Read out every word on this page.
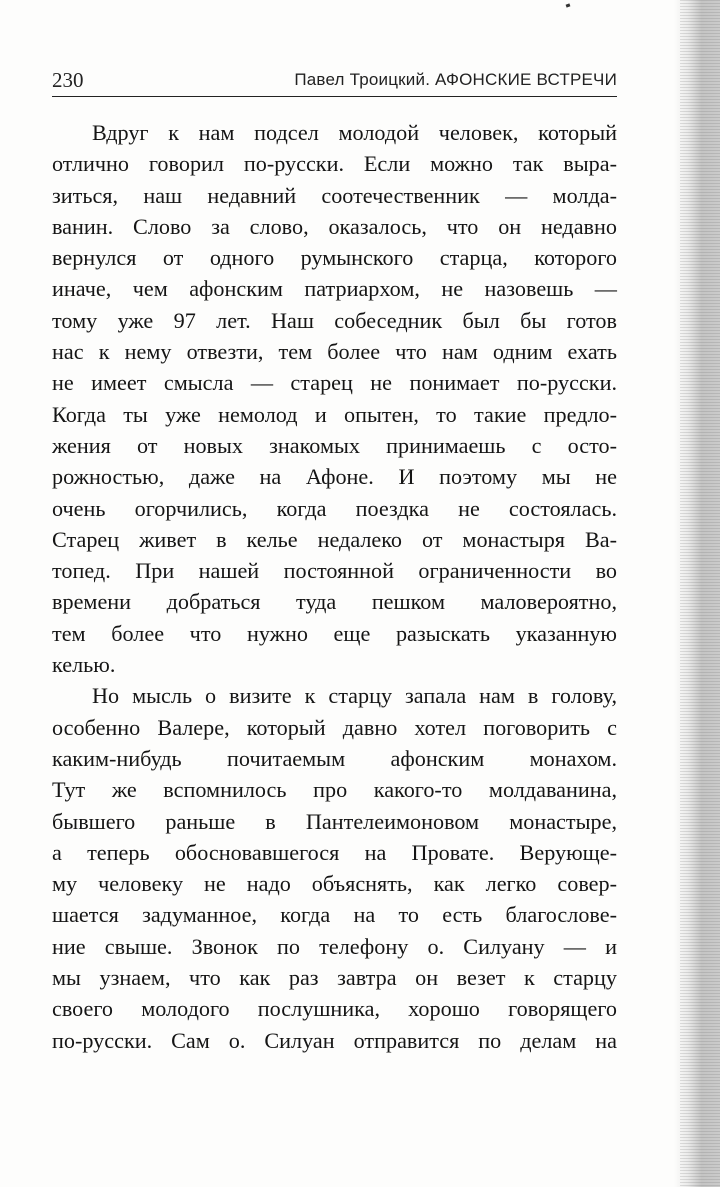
230	Павел Троицкий. АФОНСКИЕ ВСТРЕЧИ
Вдруг к нам подсел молодой человек, который
отлично говорил по-русски. Если можно так выра-
зиться, наш недавний соотечественник — молда-
ванин. Слово за слово, оказалось, что он недавно
вернулся от одного румынского старца, которого
иначе, чем афонским патриархом, не назовешь —
тому уже 97 лет. Наш собеседник был бы готов
нас к нему отвезти, тем более что нам одним ехать
не имеет смысла — старец не понимает по-русски.
Когда ты уже немолод и опытен, то такие предло-
жения от новых знакомых принимаешь с осто-
рожностью, даже на Афоне. И поэтому мы не
очень огорчились, когда поездка не состоялась.
Старец живет в келье недалеко от монастыря Ва-
топед. При нашей постоянной ограниченности во
времени добраться туда пешком маловероятно,
тем более что нужно еще разыскать указанную
келью.
Но мысль о визите к старцу запала нам в голову,
особенно Валере, который давно хотел поговорить с
каким-нибудь почитаемым афонским монахом.
Тут же вспомнилось про какого-то молдаванина,
бывшего раньше в Пантелеимоновом монастыре,
а теперь обосновавшегося на Провате. Верующе-
му человеку не надо объяснять, как легко совер-
шается задуманное, когда на то есть благослове-
ние свыше. Звонок по телефону о. Силуану — и
мы узнаем, что как раз завтра он везет к старцу
своего молодого послушника, хорошо говорящего
по-русски. Сам о. Силуан отправится по делам на
